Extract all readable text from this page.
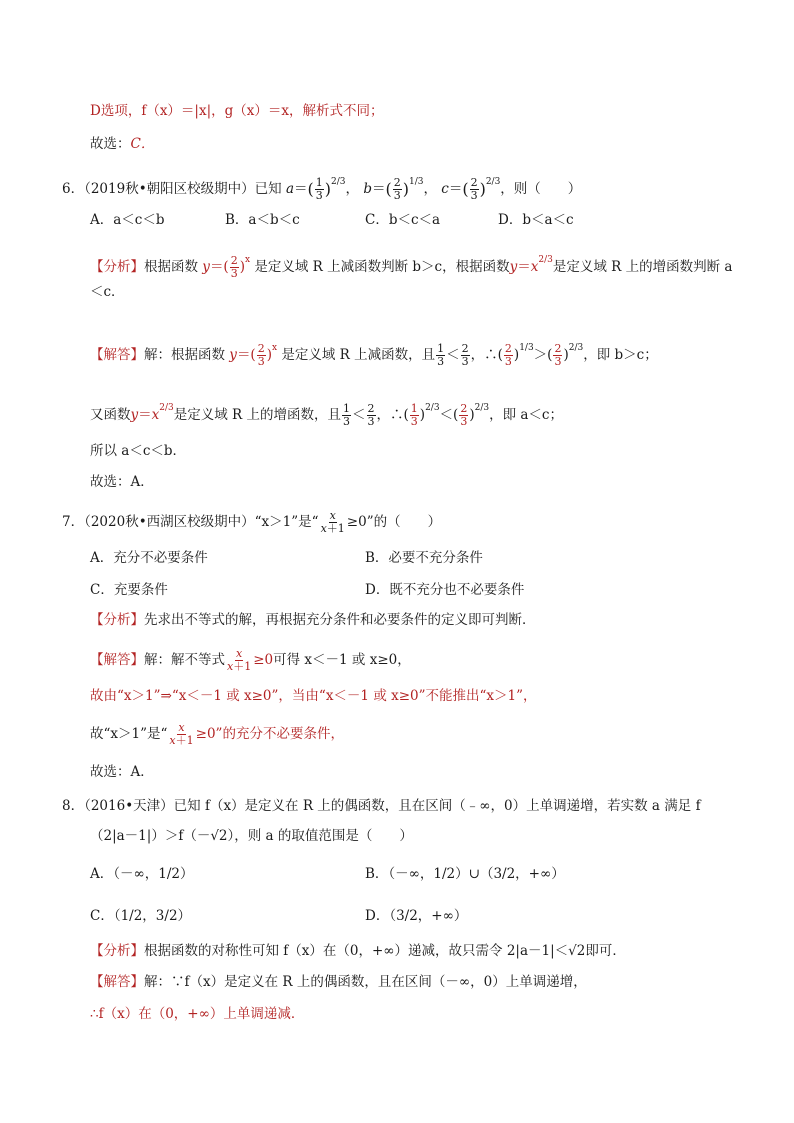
D选项，f（x）＝|x|，g（x）＝x，解析式不同；
故选：C．
6．（2019秋•朝阳区校级期中）已知 $a=( \frac{1}{3} )^{2/3}$， $b=( \frac{2}{3} )^{1/3}$， $c=( \frac{2}{3} )^{2/3}$，则（　　）
A．a＜c＜b	B．a＜b＜c	C．b＜c＜a	D．b＜a＜c
【分析】根据函数 $y=( \frac{2}{3} )^x$ 是定义域 R 上减函数判断 b＞c，根据函数$y=x^{2/3}$是定义域 R 上的增函数判断 a
＜c．
【解答】解：根据函数 $y=( \frac{2}{3} )^x$ 是定义域 R 上减函数，且 $\frac{1}{3} < \frac{2}{3}$ ，∴( $\frac{2}{3} )^{1/3}>( \frac{2}{3} )^{2/3}$，即 b＞c；
又函数$y=x^{2/3}$是定义域 R 上的增函数，且 $\frac{1}{3} < \frac{2}{3}$ ，∴( $\frac{1}{3} )^{2/3}<( \frac{2}{3} )^{2/3}$，即 a＜c；
所以 a＜c＜b．
故选：A．
7．（2020秋•西湖区校级期中）“x＞1”是“ $\frac{x}{x+1} \ge 0$”的（　　）
A．充分不必要条件	B．必要不充分条件
C．充要条件	D．既不充分也不必要条件
【分析】先求出不等式的解，再根据充分条件和必要条件的定义即可判断．
【解答】解：解不等式 $\frac{x}{x+1} \ge 0$可得 x＜－1 或 x≥0，
故由“x＞1”⇒“x＜－1 或 x≥0”，当由“x＜－1 或 x≥0”不能推出“x＞1”，
故“x＞1”是“ $\frac{x}{x+1} \ge 0$”的充分不必要条件，
故选：A．
8．（2016•天津）已知 f（x）是定义在 R 上的偶函数，且在区间（﹣∞，0）上单调递增，若实数 a 满足 f
（2|a－1|）＞f（－√2），则 a 的取值范围是（　　）
A．（－∞，1/2）	B．（－∞，1/2）∪（3/2，+∞）
C．（1/2，3/2）	D．（3/2，+∞）
【分析】根据函数的对称性可知 f（x）在（0，+∞）递减，故只需令 2|a－1|＜√2即可．
【解答】解：∵f（x）是定义在 R 上的偶函数，且在区间（－∞，0）上单调递增，
∴f（x）在（0，+∞）上单调递减．
